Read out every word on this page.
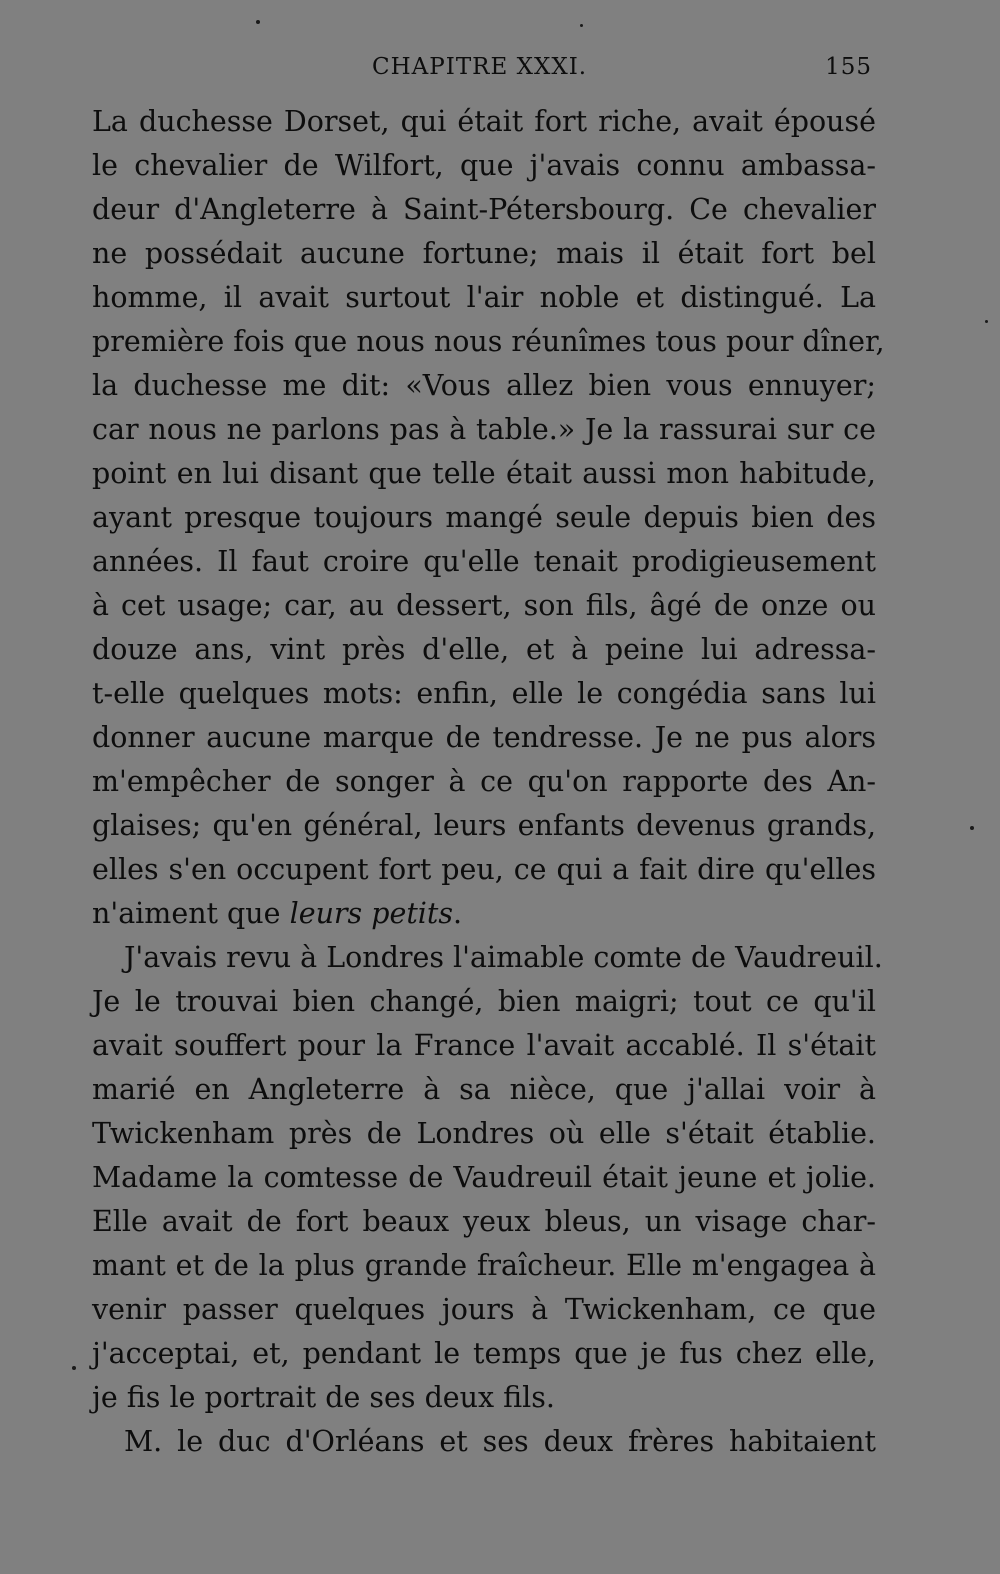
CHAPITRE XXXI.	155
La duchesse Dorset, qui était fort riche, avait épousé
le chevalier de Wilfort, que j'avais connu ambassa-
deur d'Angleterre à Saint-Pétersbourg. Ce chevalier
ne possédait aucune fortune; mais il était fort bel
homme, il avait surtout l'air noble et distingué. La
première fois que nous nous réunîmes tous pour dîner,
la duchesse me dit: «Vous allez bien vous ennuyer;
car nous ne parlons pas à table.» Je la rassurai sur ce
point en lui disant que telle était aussi mon habitude,
ayant presque toujours mangé seule depuis bien des
années. Il faut croire qu'elle tenait prodigieusement
à cet usage; car, au dessert, son fils, âgé de onze ou
douze ans, vint près d'elle, et à peine lui adressa-
t-elle quelques mots: enfin, elle le congédia sans lui
donner aucune marque de tendresse. Je ne pus alors
m'empêcher de songer à ce qu'on rapporte des An-
glaises; qu'en général, leurs enfants devenus grands,
elles s'en occupent fort peu, ce qui a fait dire qu'elles
n'aiment que leurs petits.
J'avais revu à Londres l'aimable comte de Vaudreuil.
Je le trouvai bien changé, bien maigri; tout ce qu'il
avait souffert pour la France l'avait accablé. Il s'était
marié en Angleterre à sa nièce, que j'allai voir à
Twickenham près de Londres où elle s'était établie.
Madame la comtesse de Vaudreuil était jeune et jolie.
Elle avait de fort beaux yeux bleus, un visage char-
mant et de la plus grande fraîcheur. Elle m'engagea à
venir passer quelques jours à Twickenham, ce que
j'acceptai, et, pendant le temps que je fus chez elle,
je fis le portrait de ses deux fils.
M. le duc d'Orléans et ses deux frères habitaient
